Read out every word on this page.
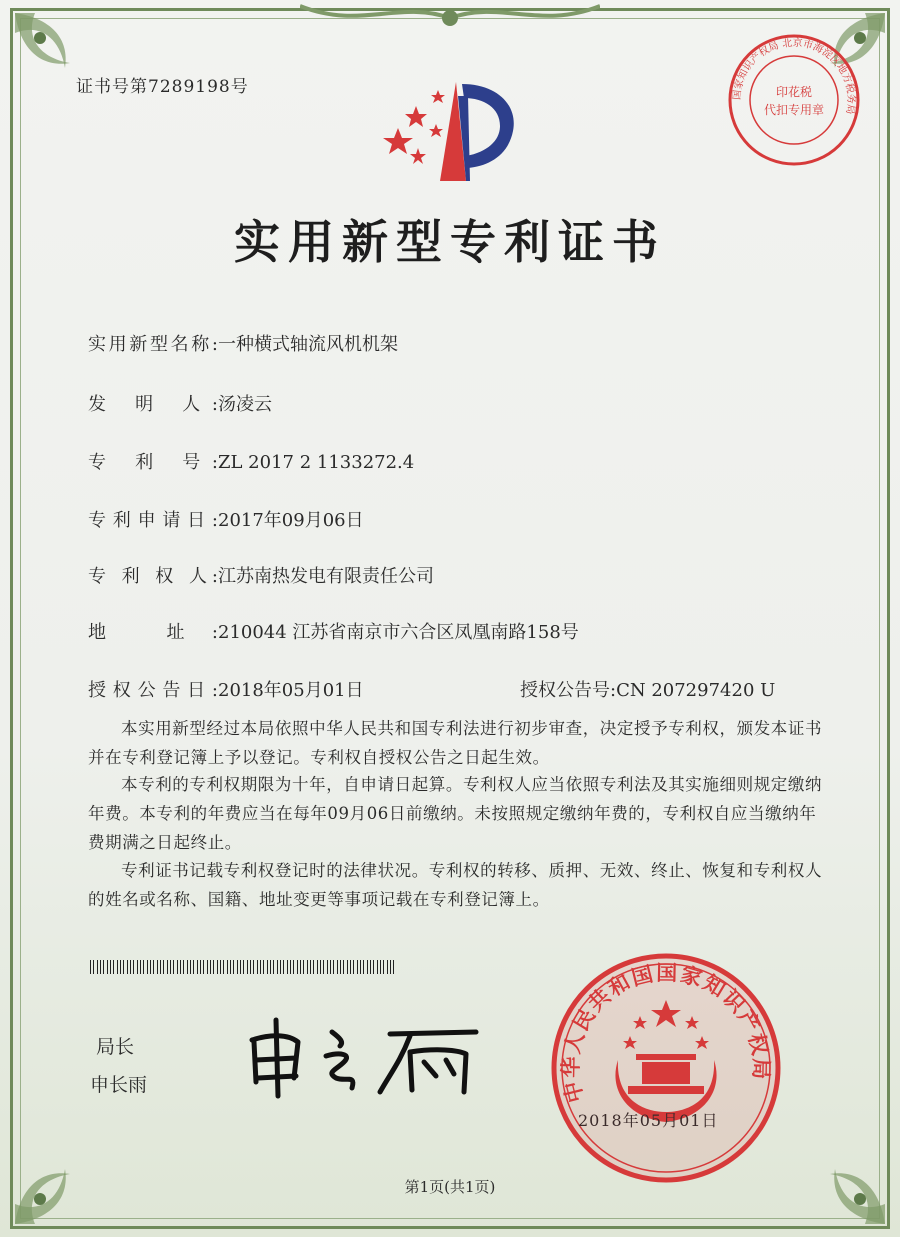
证书号第7289198号	国家知识产权局 北京市海淀区地方税务局
印花税
代扣专用章
实用新型专利证书
实用新型名称:一种横式轴流风机机架
发 明 人:汤凌云
专 利 号:ZL 2017 2 1133272.4
专利申请日:2017年09月06日
专 利 权 人:江苏南热发电有限责任公司
地 址:210044 江苏省南京市六合区凤凰南路158号
授权公告日:2018年05月01日	授权公告号:CN 207297420 U
本实用新型经过本局依照中华人民共和国专利法进行初步审查，决定授予专利权，颁发本证书并在专利登记簿上予以登记。专利权自授权公告之日起生效。
本专利的专利权期限为十年，自申请日起算。专利权人应当依照专利法及其实施细则规定缴纳年费。本专利的年费应当在每年09月06日前缴纳。未按照规定缴纳年费的，专利权自应当缴纳年费期满之日起终止。
专利证书记载专利权登记时的法律状况。专利权的转移、质押、无效、终止、恢复和专利权人的姓名或名称、国籍、地址变更等事项记载在专利登记簿上。
局长
申长雨	中华人民共和国国家知识产权局
2018年05月01日
第1页(共1页)
